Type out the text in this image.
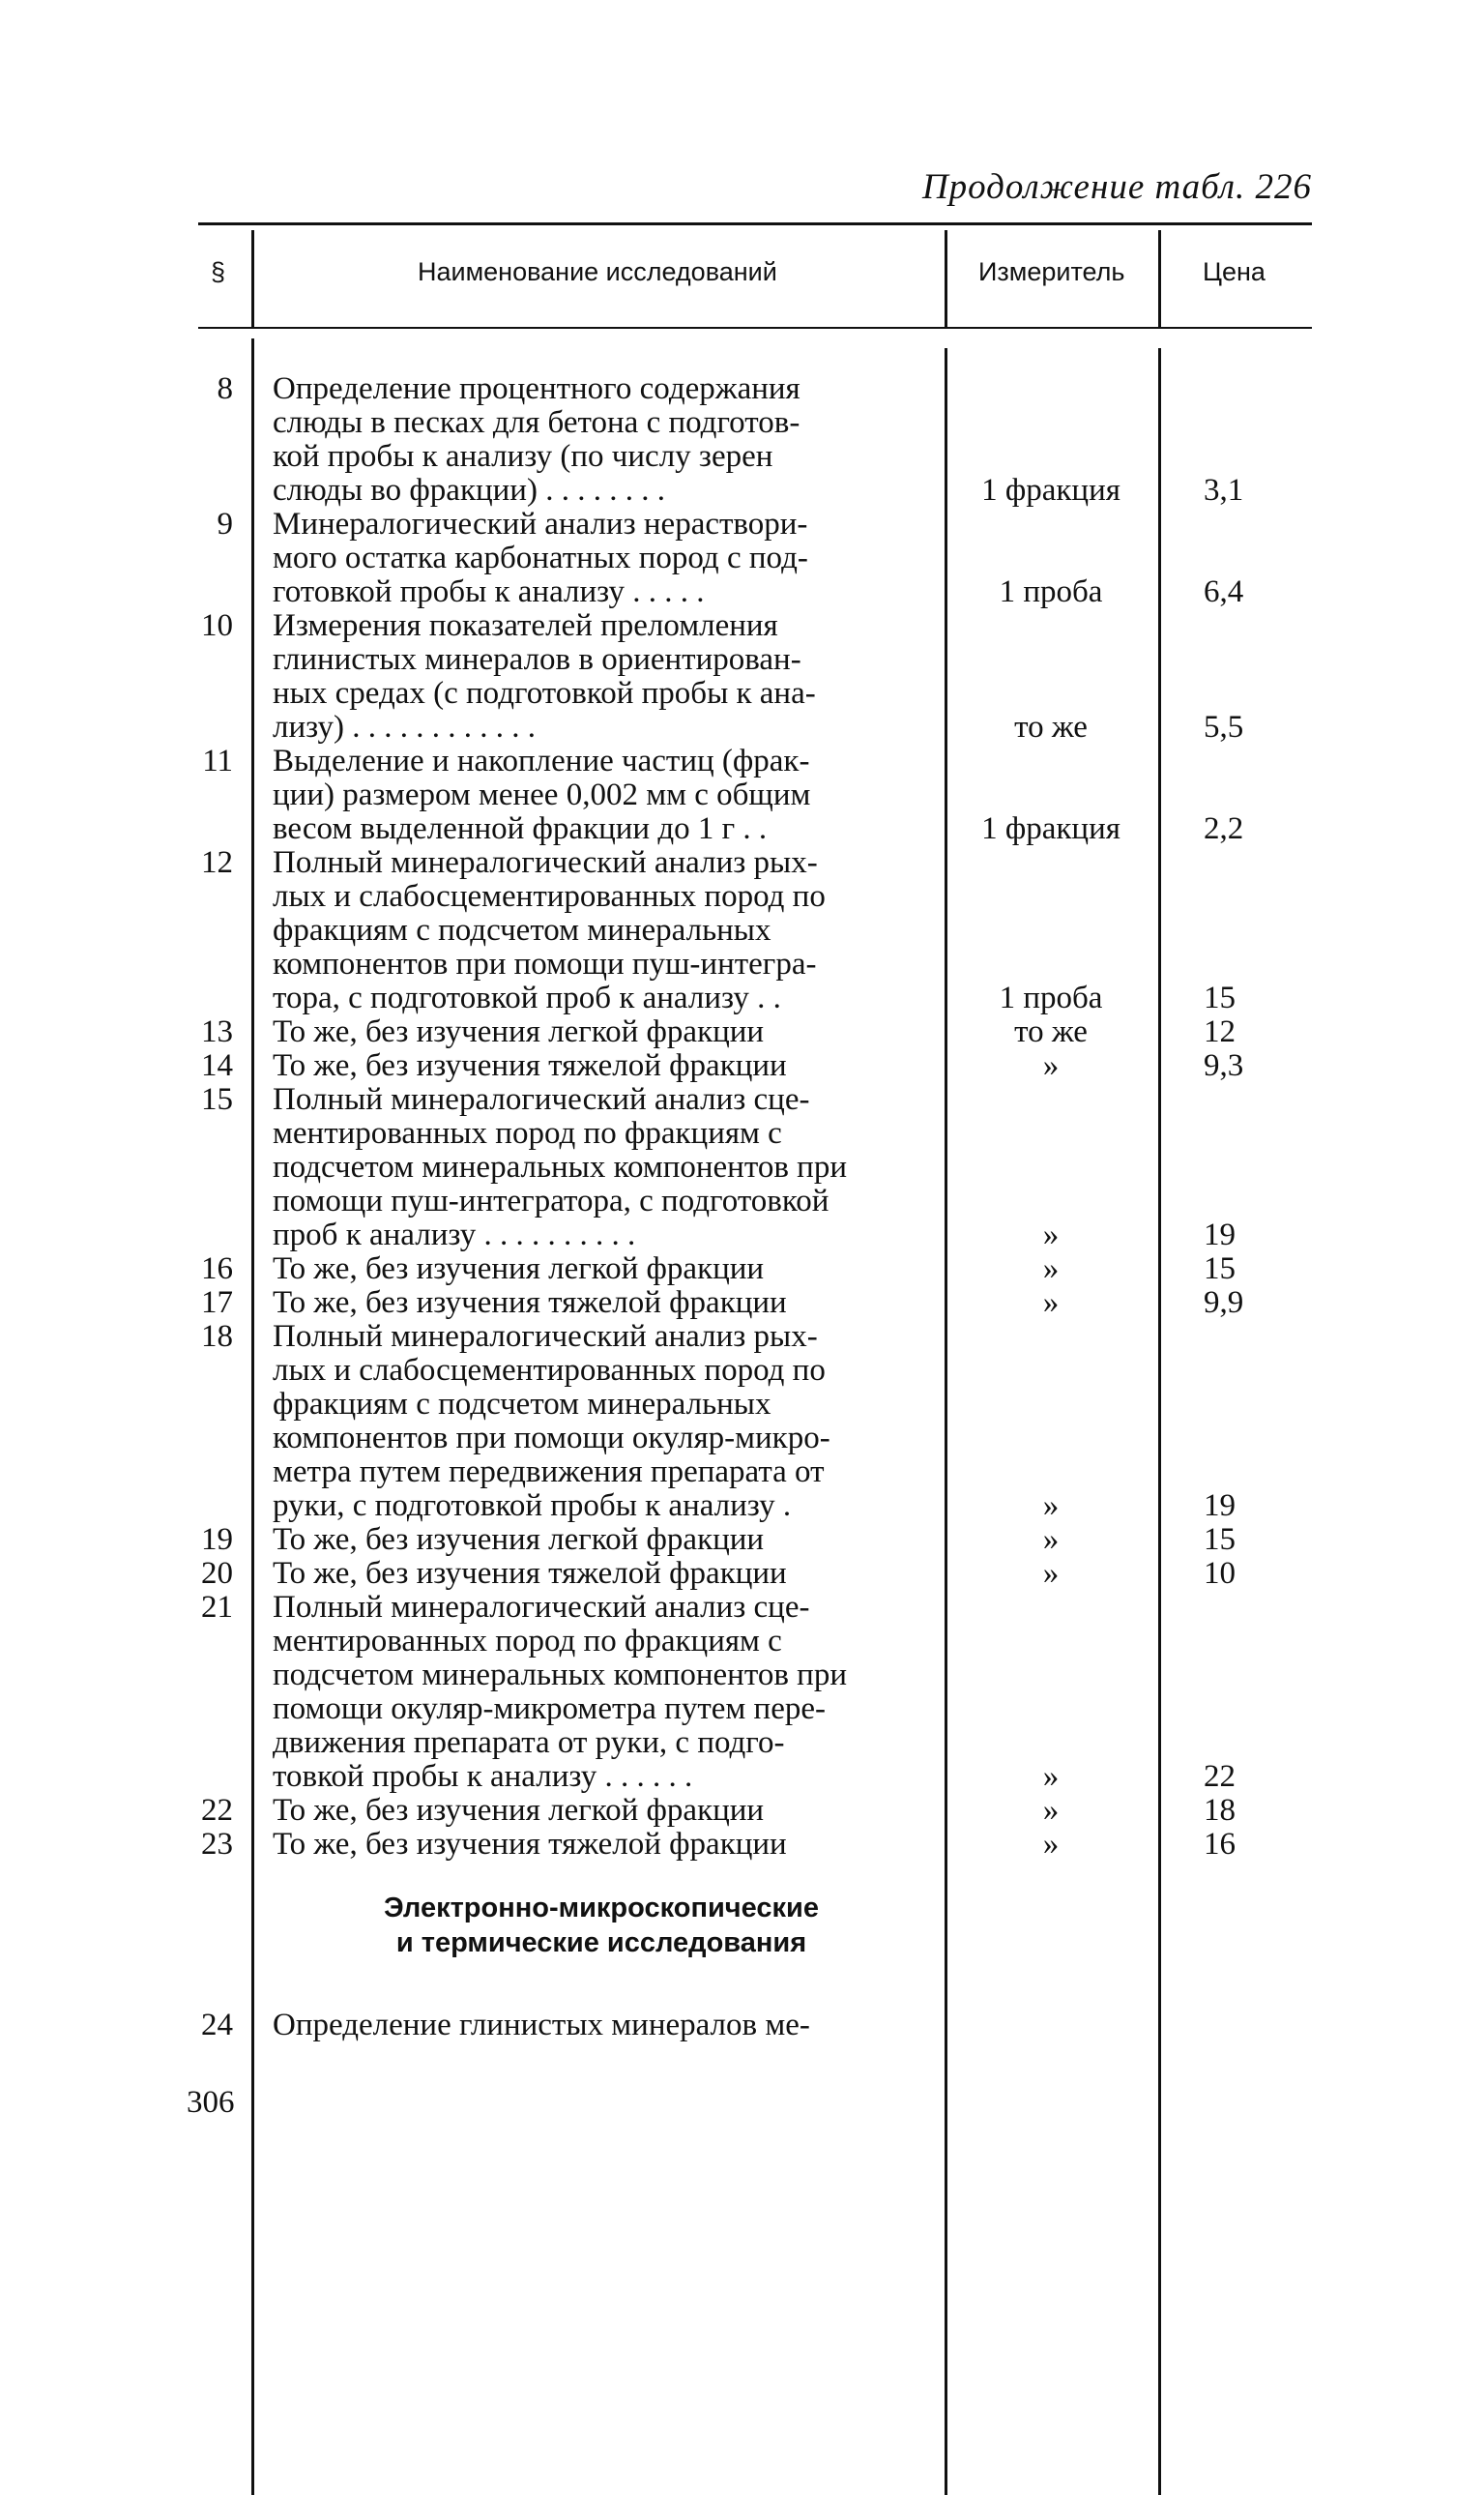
Продолжение табл. 226
§	Наименование исследований	Измеритель	Цена
8 Определение процентного содержания
слюды в песках для бетона с подготов-
кой пробы к анализу (по числу зерен
слюды во фракции) . . . . . . . .	1 фракция	3,1
9 Минералогический анализ нераствори-
мого остатка карбонатных пород с под-
готовкой пробы к анализу . . . . .	1 проба	6,4
10 Измерения показателей преломления
глинистых минералов в ориентирован-
ных средах (с подготовкой пробы к ана-
лизу) . . . . . . . . . . . .	то же	5,5
11 Выделение и накопление частиц (фрак-
ции) размером менее 0,002 мм с общим
весом выделенной фракции до 1 г . .	1 фракция	2,2
12 Полный минералогический анализ рых-
лых и слабосцементированных пород по
фракциям с подсчетом минеральных
компонентов при помощи пуш-интегра-
тора, с подготовкой проб к анализу . .	1 проба	15
13 То же, без изучения легкой фракции	то же	12
14 То же, без изучения тяжелой фракции	»	9,3
15 Полный минералогический анализ сце-
ментированных пород по фракциям с
подсчетом минеральных компонентов при
помощи пуш-интегратора, с подготовкой
проб к анализу . . . . . . . . . .	»	19
16 То же, без изучения легкой фракции	»	15
17 То же, без изучения тяжелой фракции	»	9,9
18 Полный минералогический анализ рых-
лых и слабосцементированных пород по
фракциям с подсчетом минеральных
компонентов при помощи окуляр-микро-
метра путем передвижения препарата от
руки, с подготовкой пробы к анализу .	»	19
19 То же, без изучения легкой фракции	»	15
20 То же, без изучения тяжелой фракции	»	10
21 Полный минералогический анализ сце-
ментированных пород по фракциям с
подсчетом минеральных компонентов при
помощи окуляр-микрометра путем пере-
движения препарата от руки, с подго-
товкой пробы к анализу . . . . . .	»	22
22 То же, без изучения легкой фракции	»	18
23 То же, без изучения тяжелой фракции	»	16
Электронно-микроскопические
и термические исследования
24 Определение глинистых минералов ме-
306
